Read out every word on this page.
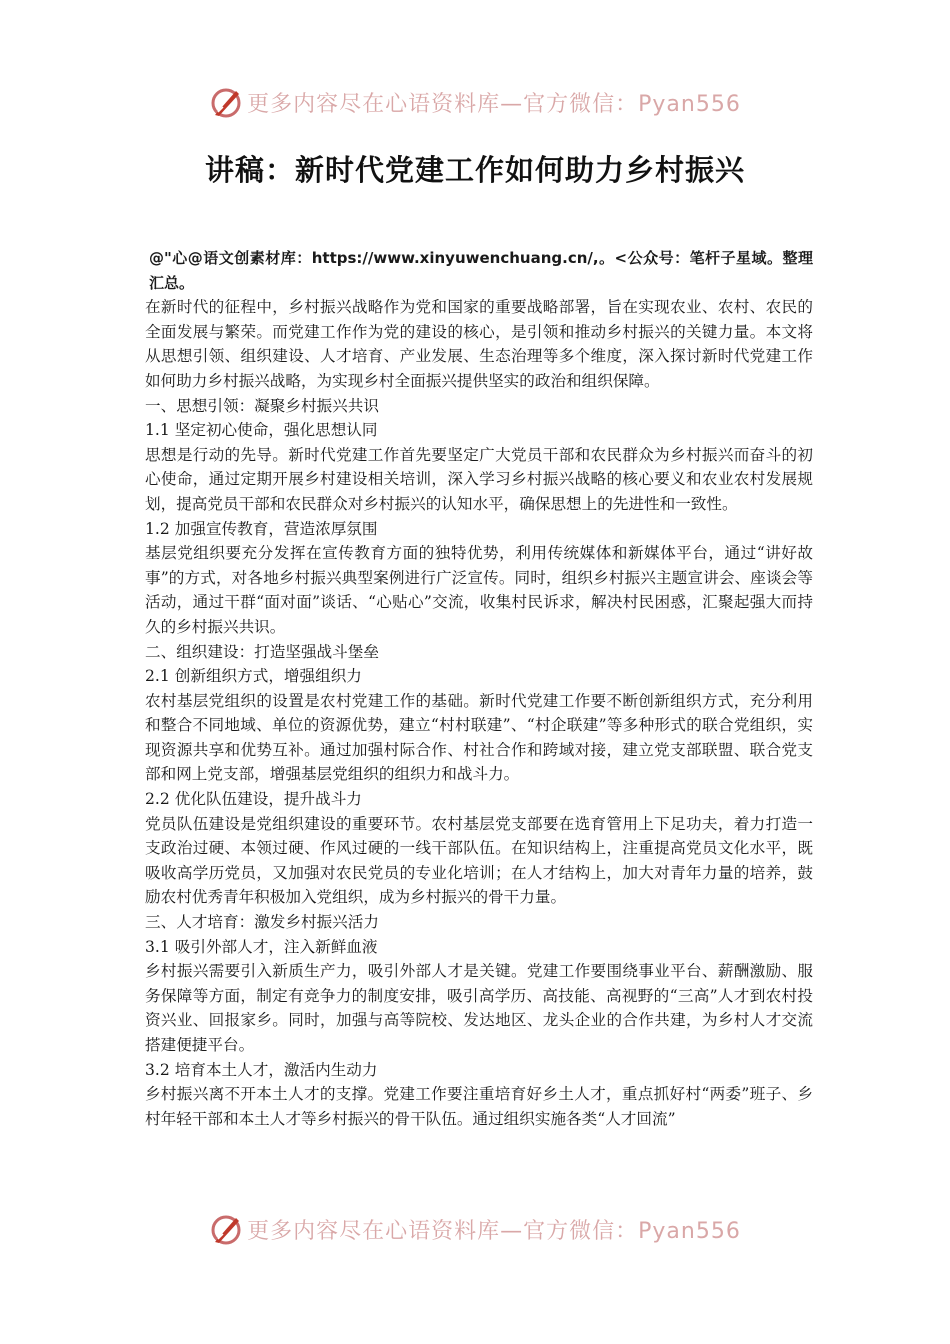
更多内容尽在心语资料库—官方微信：Pyan556
讲稿：新时代党建工作如何助力乡村振兴

@"心@语文创素材库：https://www.xinyuwenchuang.cn/,。<公众号：笔杆子星域。整理汇总。

在新时代的征程中，乡村振兴战略作为党和国家的重要战略部署，旨在实现农业、农村、农民的全面发展与繁荣。而党建工作作为党的建设的核心，是引领和推动乡村振兴的关键力量。本文将从思想引领、组织建设、人才培育、产业发展、生态治理等多个维度，深入探讨新时代党建工作如何助力乡村振兴战略，为实现乡村全面振兴提供坚实的政治和组织保障。

一、思想引领：凝聚乡村振兴共识

1.1 坚定初心使命，强化思想认同

思想是行动的先导。新时代党建工作首先要坚定广大党员干部和农民群众为乡村振兴而奋斗的初心使命，通过定期开展乡村建设相关培训，深入学习乡村振兴战略的核心要义和农业农村发展规划，提高党员干部和农民群众对乡村振兴的认知水平，确保思想上的先进性和一致性。

1.2 加强宣传教育，营造浓厚氛围

基层党组织要充分发挥在宣传教育方面的独特优势，利用传统媒体和新媒体平台，通过“讲好故事”的方式，对各地乡村振兴典型案例进行广泛宣传。同时，组织乡村振兴主题宣讲会、座谈会等活动，通过干群“面对面”谈话、“心贴心”交流，收集村民诉求，解决村民困惑，汇聚起强大而持久的乡村振兴共识。

二、组织建设：打造坚强战斗堡垒

2.1 创新组织方式，增强组织力

农村基层党组织的设置是农村党建工作的基础。新时代党建工作要不断创新组织方式，充分利用和整合不同地域、单位的资源优势，建立“村村联建”、“村企联建”等多种形式的联合党组织，实现资源共享和优势互补。通过加强村际合作、村社合作和跨域对接，建立党支部联盟、联合党支部和网上党支部，增强基层党组织的组织力和战斗力。

2.2 优化队伍建设，提升战斗力

党员队伍建设是党组织建设的重要环节。农村基层党支部要在选育管用上下足功夫，着力打造一支政治过硬、本领过硬、作风过硬的一线干部队伍。在知识结构上，注重提高党员文化水平，既吸收高学历党员，又加强对农民党员的专业化培训；在人才结构上，加大对青年力量的培养，鼓励农村优秀青年积极加入党组织，成为乡村振兴的骨干力量。

三、人才培育：激发乡村振兴活力

3.1 吸引外部人才，注入新鲜血液

乡村振兴需要引入新质生产力，吸引外部人才是关键。党建工作要围绕事业平台、薪酬激励、服务保障等方面，制定有竞争力的制度安排，吸引高学历、高技能、高视野的“三高”人才到农村投资兴业、回报家乡。同时，加强与高等院校、发达地区、龙头企业的合作共建，为乡村人才交流搭建便捷平台。

3.2 培育本土人才，激活内生动力

乡村振兴离不开本土人才的支撑。党建工作要注重培育好乡土人才，重点抓好村“两委”班子、乡村年轻干部和本土人才等乡村振兴的骨干队伍。通过组织实施各类“人才回流”

更多内容尽在心语资料库—官方微信：Pyan556
